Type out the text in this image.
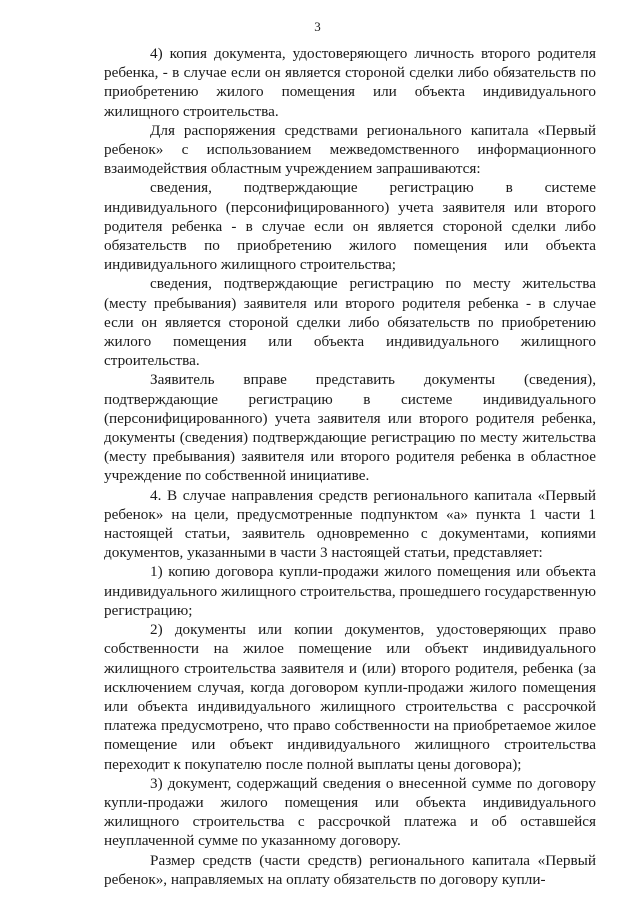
3

4) копия документа, удостоверяющего личность второго родителя ребенка, - в случае если он является стороной сделки либо обязательств по приобретению жилого помещения или объекта индивидуального жилищного строительства.

Для распоряжения средствами регионального капитала «Первый ребенок» с использованием межведомственного информационного взаимодействия областным учреждением запрашиваются:

сведения, подтверждающие регистрацию в системе индивидуального (персонифицированного) учета заявителя или второго родителя ребенка - в случае если он является стороной сделки либо обязательств по приобретению жилого помещения или объекта индивидуального жилищного строительства;

сведения, подтверждающие регистрацию по месту жительства (месту пребывания) заявителя или второго родителя ребенка - в случае если он является стороной сделки либо обязательств по приобретению жилого помещения или объекта индивидуального жилищного строительства.

Заявитель вправе представить документы (сведения), подтверждающие регистрацию в системе индивидуального (персонифицированного) учета заявителя или второго родителя ребенка, документы (сведения) подтверждающие регистрацию по месту жительства (месту пребывания) заявителя или второго родителя ребенка в областное учреждение по собственной инициативе.

4. В случае направления средств регионального капитала «Первый ребенок» на цели, предусмотренные подпунктом «а» пункта 1 части 1 настоящей статьи, заявитель одновременно с документами, копиями документов, указанными в части 3 настоящей статьи, представляет:

1) копию договора купли-продажи жилого помещения или объекта индивидуального жилищного строительства, прошедшего государственную регистрацию;

2) документы или копии документов, удостоверяющих право собственности на жилое помещение или объект индивидуального жилищного строительства заявителя и (или) второго родителя, ребенка (за исключением случая, когда договором купли-продажи жилого помещения или объекта индивидуального жилищного строительства с рассрочкой платежа предусмотрено, что право собственности на приобретаемое жилое помещение или объект индивидуального жилищного строительства переходит к покупателю после полной выплаты цены договора);

3) документ, содержащий сведения о внесенной сумме по договору купли-продажи жилого помещения или объекта индивидуального жилищного строительства с рассрочкой платежа и об оставшейся неуплаченной сумме по указанному договору.

Размер средств (части средств) регионального капитала «Первый ребенок», направляемых на оплату обязательств по договору купли-
